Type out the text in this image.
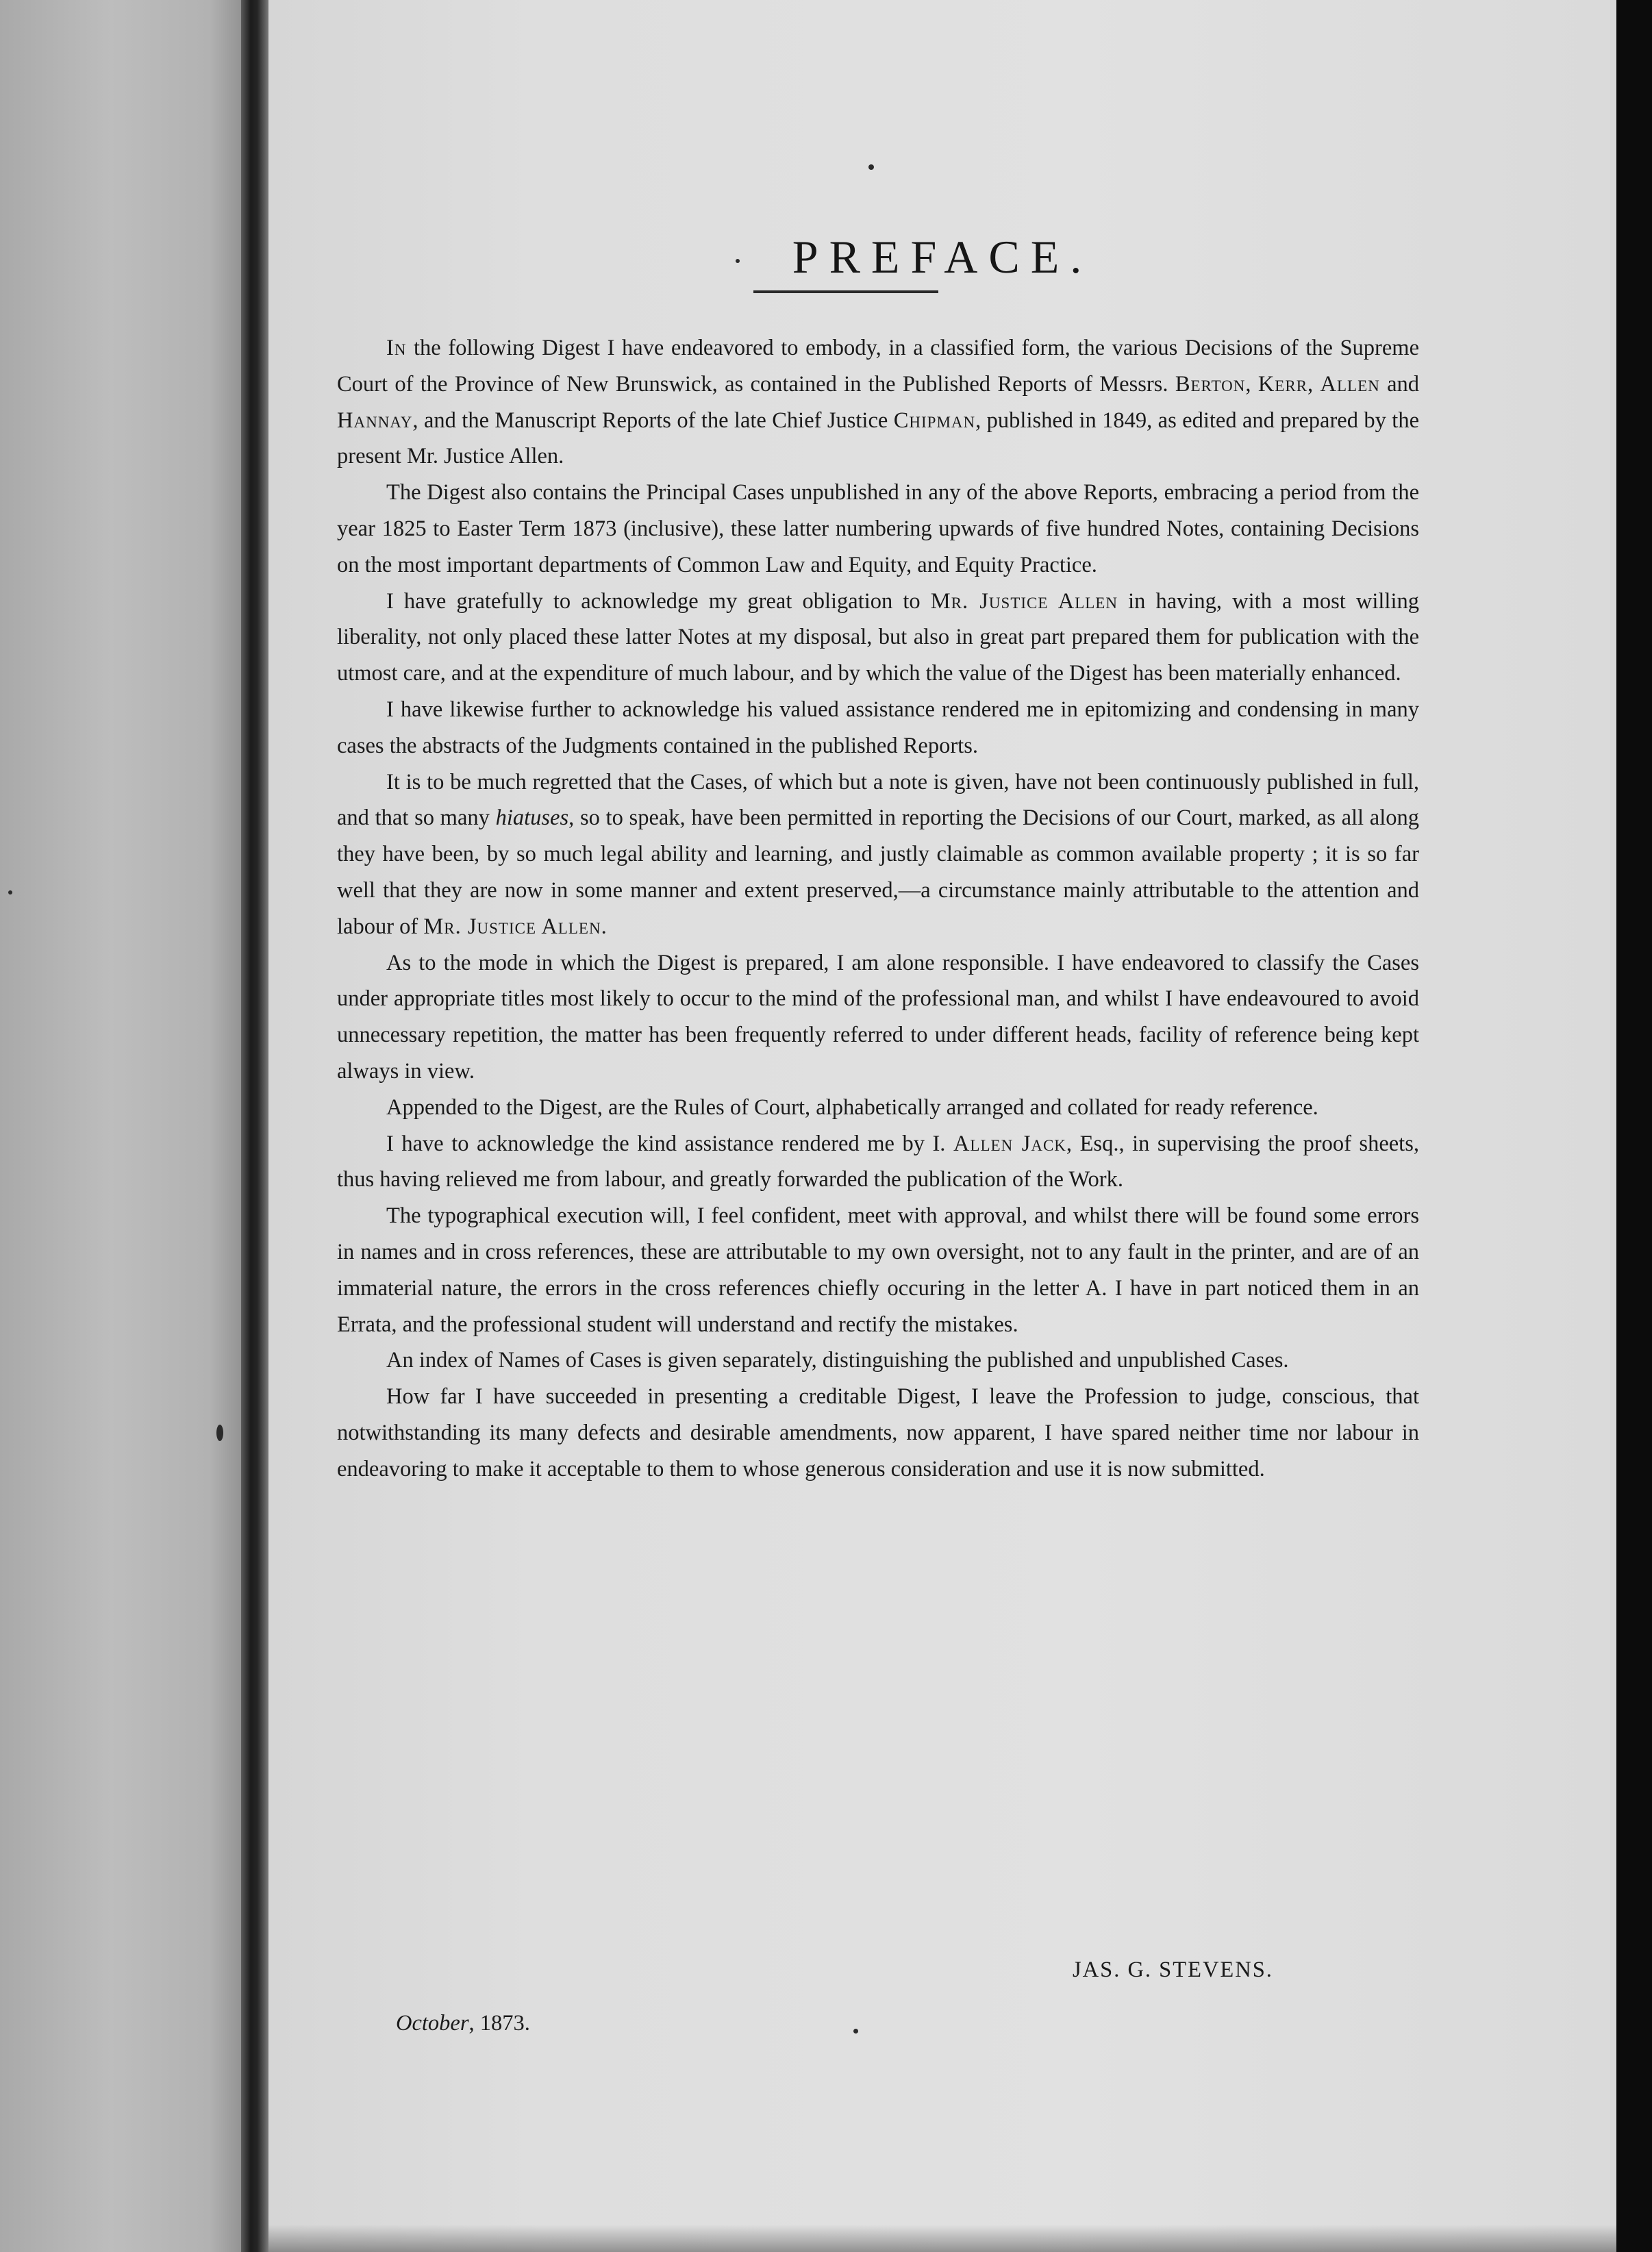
PREFACE.

In the following Digest I have endeavored to embody, in a classified form, the various Decisions of the Supreme Court of the Province of New Brunswick, as contained in the Published Reports of Messrs. Berton, Kerr, Allen and Hannay, and the Manuscript Reports of the late Chief Justice Chipman, published in 1849, as edited and prepared by the present Mr. Justice Allen.

The Digest also contains the Principal Cases unpublished in any of the above Reports, embracing a period from the year 1825 to Easter Term 1873 (inclusive), these latter numbering upwards of five hundred Notes, containing Decisions on the most important departments of Common Law and Equity, and Equity Practice.

I have gratefully to acknowledge my great obligation to Mr. Justice Allen in having, with a most willing liberality, not only placed these latter Notes at my disposal, but also in great part prepared them for publication with the utmost care, and at the expenditure of much labour, and by which the value of the Digest has been materially enhanced.

I have likewise further to acknowledge his valued assistance rendered me in epitomizing and condensing in many cases the abstracts of the Judgments contained in the published Reports.

It is to be much regretted that the Cases, of which but a note is given, have not been continuously published in full, and that so many hiatuses, so to speak, have been permitted in reporting the Decisions of our Court, marked, as all along they have been, by so much legal ability and learning, and justly claimable as common available property ; it is so far well that they are now in some manner and extent preserved,—a circumstance mainly attributable to the attention and labour of Mr. Justice Allen.

As to the mode in which the Digest is prepared, I am alone responsible. I have endeavored to classify the Cases under appropriate titles most likely to occur to the mind of the professional man, and whilst I have endeavoured to avoid unnecessary repetition, the matter has been frequently referred to under different heads, facility of reference being kept always in view.

Appended to the Digest, are the Rules of Court, alphabetically arranged and collated for ready reference.

I have to acknowledge the kind assistance rendered me by I. Allen Jack, Esq., in supervising the proof sheets, thus having relieved me from labour, and greatly forwarded the publication of the Work.

The typographical execution will, I feel confident, meet with approval, and whilst there will be found some errors in names and in cross references, these are attributable to my own oversight, not to any fault in the printer, and are of an immaterial nature, the errors in the cross references chiefly occuring in the letter A. I have in part noticed them in an Errata, and the professional student will understand and rectify the mistakes.

An index of Names of Cases is given separately, distinguishing the published and unpublished Cases.

How far I have succeeded in presenting a creditable Digest, I leave the Profession to judge, conscious, that notwithstanding its many defects and desirable amendments, now apparent, I have spared neither time nor labour in endeavoring to make it acceptable to them to whose generous consideration and use it is now submitted.

JAS. G. STEVENS.
October, 1873.
